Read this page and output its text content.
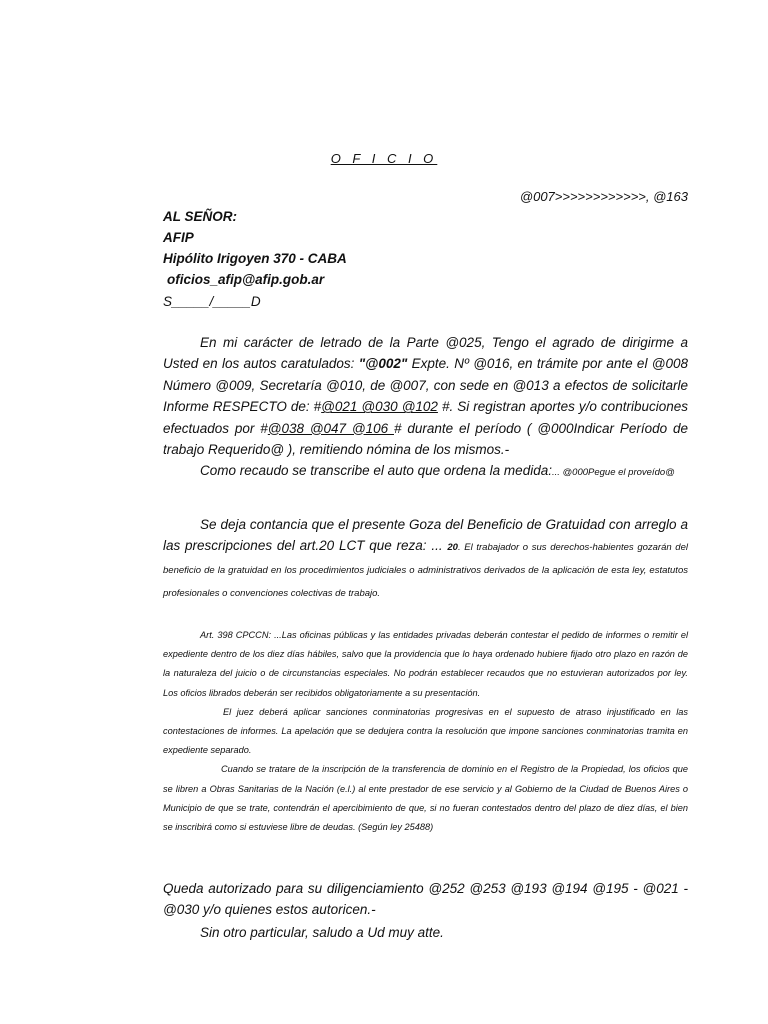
O F I C I O
@007>>>>>>>>>>>>, @163
AL SEÑOR:
AFIP
Hipólito Irigoyen 370 - CABA
oficios_afip@afip.gob.ar
S_____/_____D
En mi carácter de letrado de la Parte @025, Tengo el agrado de dirigirme a Usted en los autos caratulados: "@002" Expte. Nº @016, en trámite por ante el @008 Número @009, Secretaría @010, de @007, con sede en @013 a efectos de solicitarle Informe RESPECTO de: #@021 @030 @102 #. Si registran aportes y/o contribuciones efectuados por #@038 @047 @106 # durante el período ( @000Indicar Período de trabajo Requerido@ ), remitiendo nómina de los mismos.-
Como recaudo se transcribe el auto que ordena la medida:... @000Pegue el proveído@
Se deja contancia que el presente Goza del Beneficio de Gratuidad con arreglo a las prescripciones del art.20 LCT que reza: ... 20. El trabajador o sus derechos-habientes gozarán del beneficio de la gratuidad en los procedimientos judiciales o administrativos derivados de la aplicación de esta ley, estatutos profesionales o convenciones colectivas de trabajo.

Art. 398 CPCCN: ...Las oficinas públicas y las entidades privadas deberán contestar el pedido de informes o remitir el expediente dentro de los diez días hábiles, salvo que la providencia que lo haya ordenado hubiere fijado otro plazo en razón de la naturaleza del juicio o de circunstancias especiales. No podrán establecer recaudos que no estuvieran autorizados por ley. Los oficios librados deberán ser recibidos obligatoriamente a su presentación.

El juez deberá aplicar sanciones conminatorias progresivas en el supuesto de atraso injustificado en las contestaciones de informes. La apelación que se dedujera contra la resolución que impone sanciones conminatorias tramita en expediente separado.

Cuando se tratare de la inscripción de la transferencia de dominio en el Registro de la Propiedad, los oficios que se libren a Obras Sanitarias de la Nación (e.l.) al ente prestador de ese servicio y al Gobierno de la Ciudad de Buenos Aires o Municipio de que se trate, contendrán el apercibimiento de que, si no fueran contestados dentro del plazo de diez días, el bien se inscribirá como si estuviese libre de deudas. (Según ley 25488)

Queda autorizado para su diligenciamiento @252 @253 @193 @194 @195 - @021 - @030 y/o quienes estos autoricen.-
Sin otro particular, saludo a Ud muy atte.
